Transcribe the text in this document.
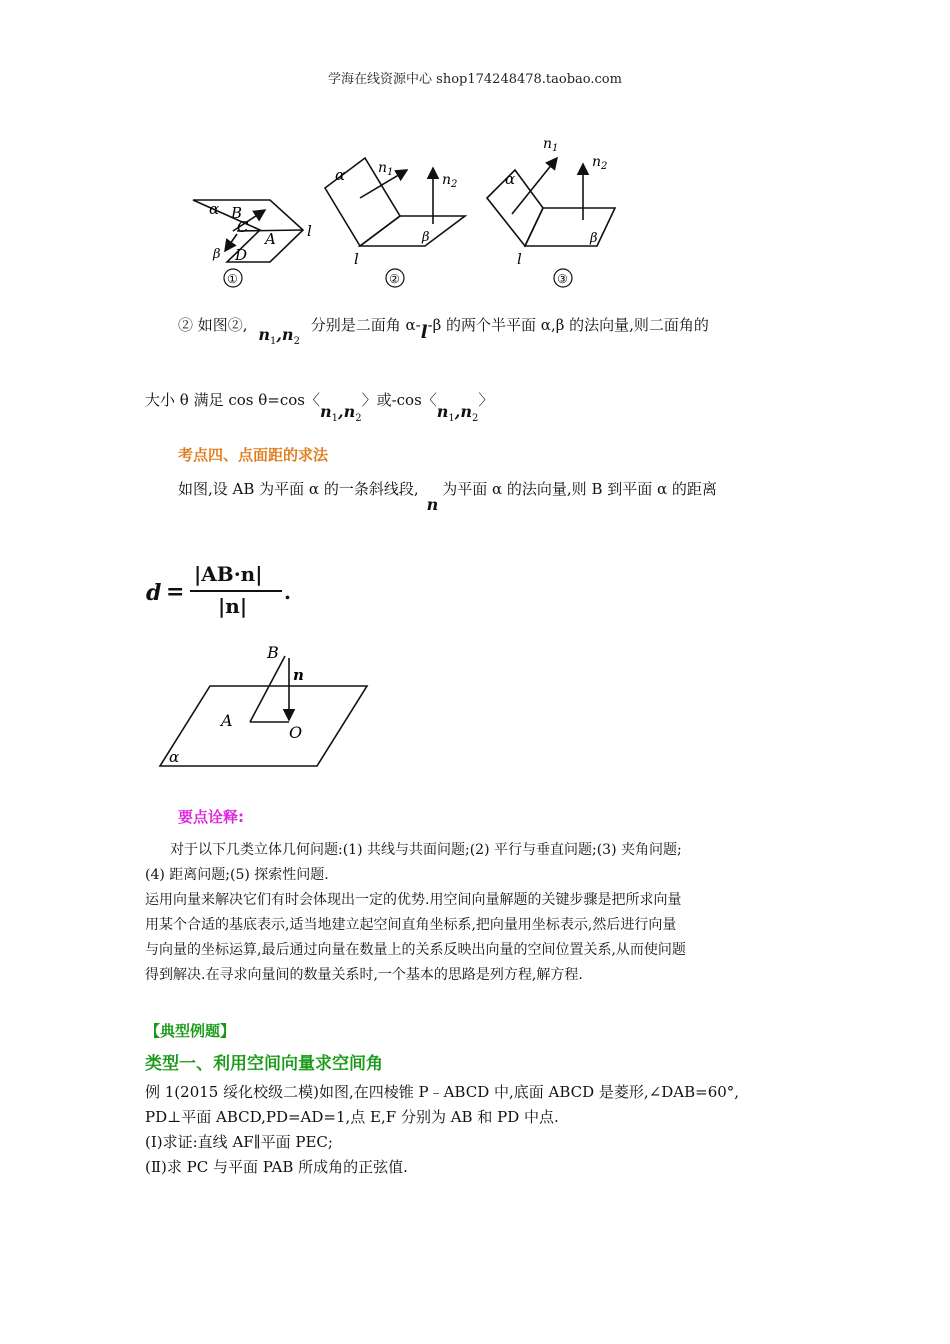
学海在线资源中心 shop174248478.taobao.com
α B
C
A
β D
l
①
α
β
l
$n_1$	$n_2$
②
α
β
l
$n_1$
$n_2$
③
② 如图②, $n_1,n_2$ 分别是二面角 α-l-β 的两个半平面 α,β 的法向量,则二面角的
大小 θ 满足 cos θ=cos〈$n_1,n_2$〉或-cos〈$n_1,n_2$〉
考点四、点面距的求法
如图,设 AB 为平面 α 的一条斜线段,n为平面 α 的法向量,则 B 到平面 α 的距离
d =
|AB·n|
|n|
.
B
A
O
n
α
要点诠释:
对于以下几类立体几何问题:(1) 共线与共面问题;(2) 平行与垂直问题;(3) 夹角问题;
(4) 距离问题;(5) 探索性问题.
运用向量来解决它们有时会体现出一定的优势.用空间向量解题的关键步骤是把所求向量
用某个合适的基底表示,适当地建立起空间直角坐标系,把向量用坐标表示,然后进行向量
与向量的坐标运算,最后通过向量在数量上的关系反映出向量的空间位置关系,从而使问题
得到解决.在寻求向量间的数量关系时,一个基本的思路是列方程,解方程.
【典型例题】
类型一、利用空间向量求空间角
例 1(2015 绥化校级二模)如图,在四棱锥 P﹣ABCD 中,底面 ABCD 是菱形,∠DAB=60°,
PD⊥平面 ABCD,PD=AD=1,点 E,F 分别为 AB 和 PD 中点.
(Ⅰ)求证:直线 AF∥平面 PEC;
(Ⅱ)求 PC 与平面 PAB 所成角的正弦值.
